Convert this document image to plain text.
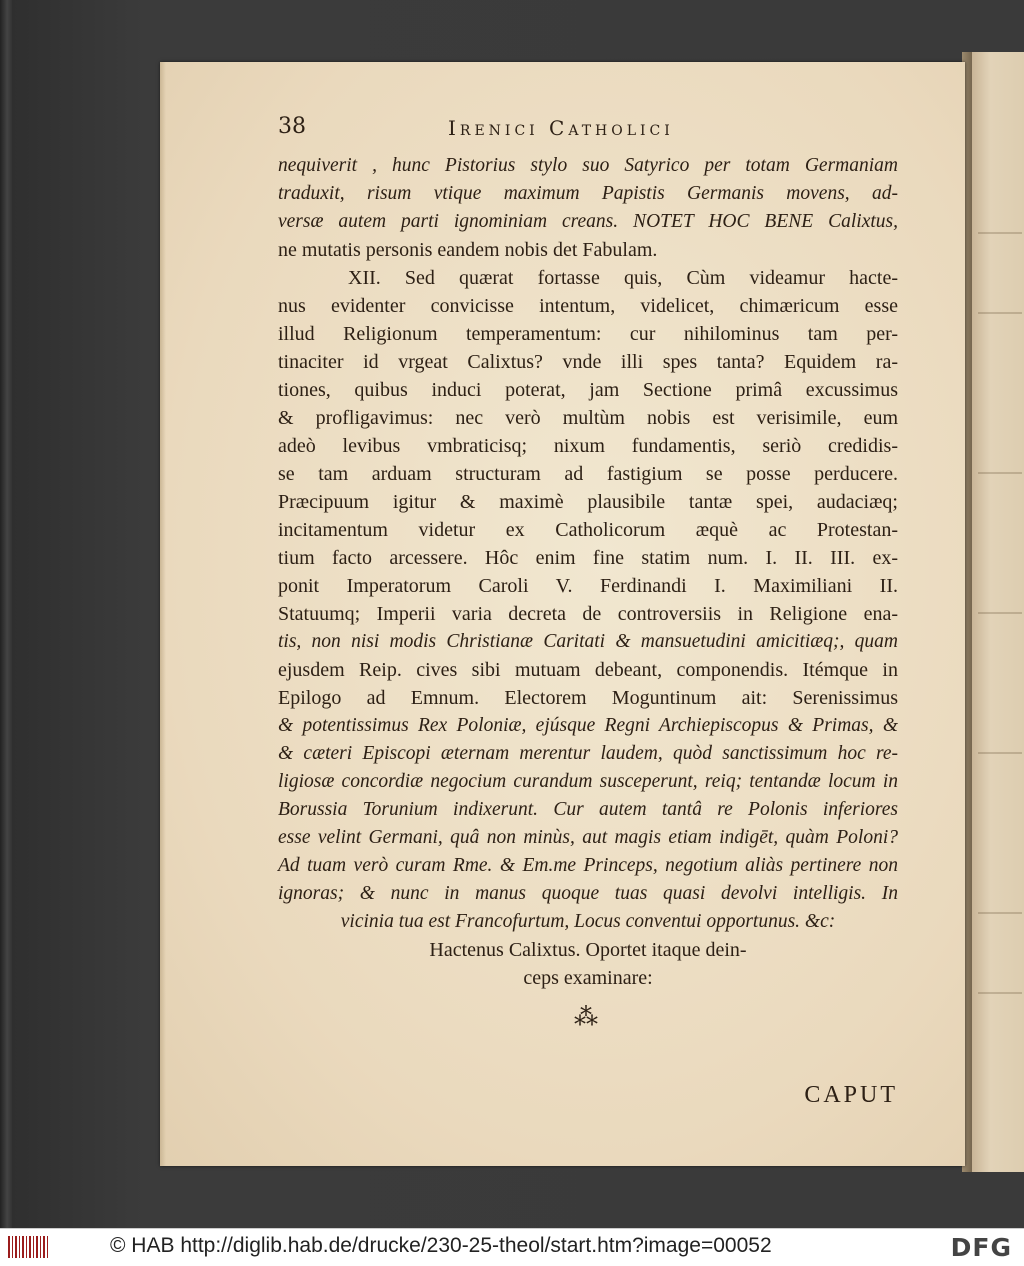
38	Irenici Catholici
nequiverit , hunc Pistorius stylo suo Satyrico per totam Germaniam
traduxit, risum vtique maximum Papistis Germanis movens, ad-
versæ autem parti ignominiam creans. NOTET HOC BENE Calixtus,
ne mutatis personis eandem nobis det Fabulam.
XII. Sed quærat fortasse quis, Cùm videamur hacte-
nus evidenter convicisse intentum, videlicet, chimæricum esse
illud Religionum temperamentum: cur nihilominus tam per-
tinaciter id vrgeat Calixtus? vnde illi spes tanta? Equidem ra-
tiones, quibus induci poterat, jam Sectione primâ excussimus
& profligavimus: nec verò multùm nobis est verisimile, eum
adeò levibus vmbraticisq; nixum fundamentis, seriò credidis-
se tam arduam structuram ad fastigium se posse perducere.
Præcipuum igitur & maximè plausibile tantæ spei, audaciæq;
incitamentum videtur ex Catholicorum æquè ac Protestan-
tium facto arcessere. Hôc enim fine statim num. I. II. III. ex-
ponit Imperatorum Caroli V. Ferdinandi I. Maximiliani II.
Statuumq; Imperii varia decreta de controversiis in Religione ena-
tis, non nisi modis Christianæ Caritati & mansuetudini amicitiæq;, quam
ejusdem Reip. cives sibi mutuam debeant, componendis. Itémque in
Epilogo ad Emnum. Electorem Moguntinum ait: Serenissimus
& potentissimus Rex Poloniæ, ejúsque Regni Archiepiscopus & Primas, &
& cæteri Episcopi æternam merentur laudem, quòd sanctissimum hoc re-
ligiosæ concordiæ negocium curandum susceperunt, reiq; tentandæ locum in
Borussia Torunium indixerunt. Cur autem tantâ re Polonis inferiores
esse velint Germani, quâ non minùs, aut magis etiam indigēt, quàm Poloni?
Ad tuam verò curam Rme. & Em.me Princeps, negotium aliàs pertinere non
ignoras; & nunc in manus quoque tuas quasi devolvi intelligis. In
vicinia tua est Francofurtum, Locus conventui opportunus. &c:
Hactenus Calixtus. Oportet itaque dein-
ceps examinare:
⁂
CAPUT
© HAB http://diglib.hab.de/drucke/230-25-theol/start.htm?image=00052	DFG
